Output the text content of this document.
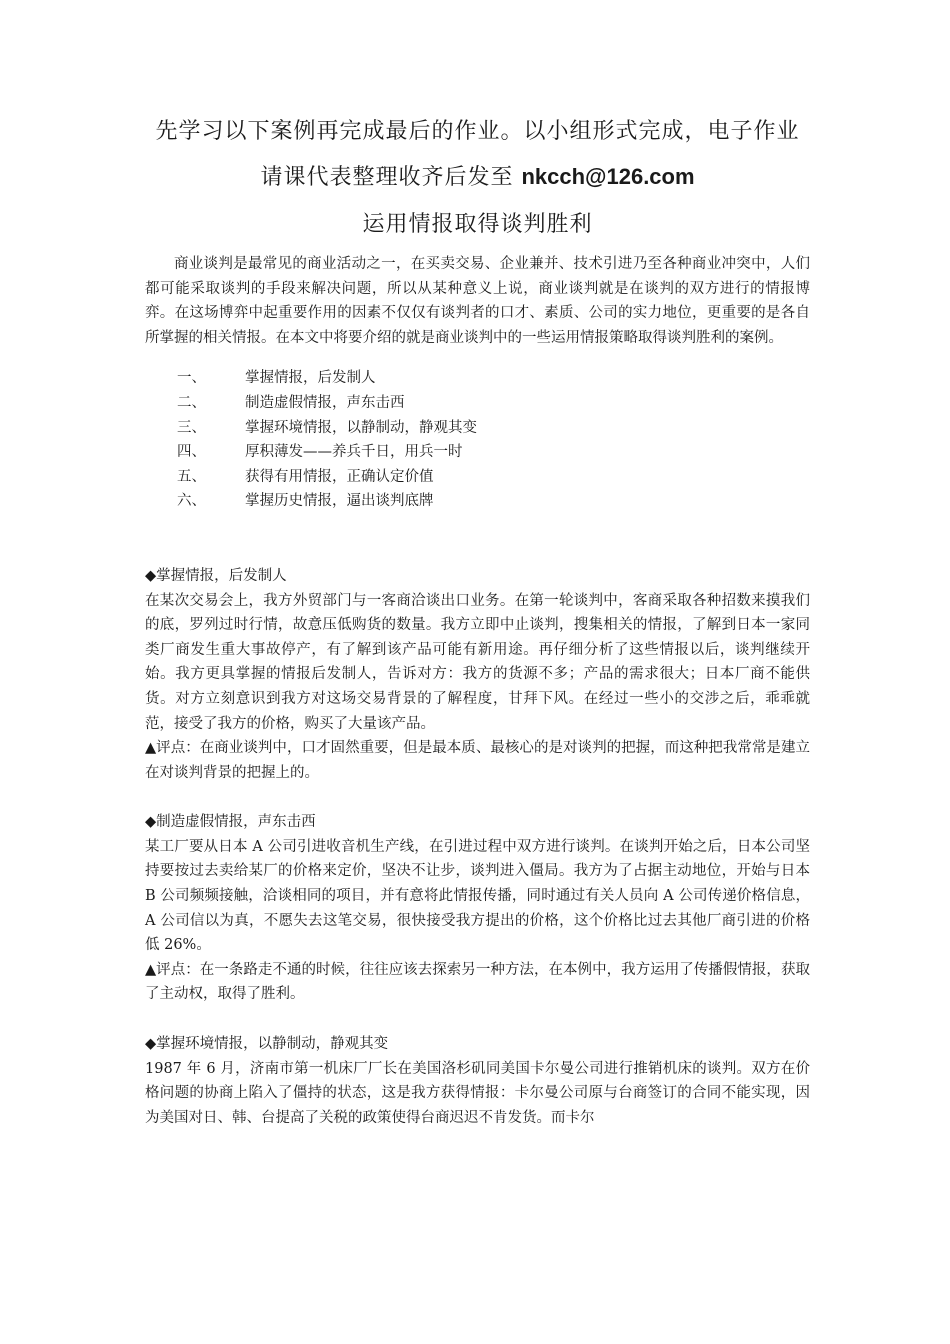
先学习以下案例再完成最后的作业。以小组形式完成，电子作业
请课代表整理收齐后发至 nkcch@126.com
运用情报取得谈判胜利
商业谈判是最常见的商业活动之一，在买卖交易、企业兼并、技术引进乃至各种商业冲突中，人们都可能采取谈判的手段来解决问题，所以从某种意义上说，商业谈判就是在谈判的双方进行的情报博弈。在这场博弈中起重要作用的因素不仅仅有谈判者的口才、素质、公司的实力地位，更重要的是各自所掌握的相关情报。在本文中将要介绍的就是商业谈判中的一些运用情报策略取得谈判胜利的案例。
一、	掌握情报，后发制人
二、	制造虚假情报，声东击西
三、	掌握环境情报，以静制动，静观其变
四、	厚积薄发——养兵千日，用兵一时
五、	获得有用情报，正确认定价值
六、	掌握历史情报，逼出谈判底牌
◆掌握情报，后发制人
在某次交易会上，我方外贸部门与一客商洽谈出口业务。在第一轮谈判中，客商采取各种招数来摸我们的底，罗列过时行情，故意压低购货的数量。我方立即中止谈判，搜集相关的情报，了解到日本一家同类厂商发生重大事故停产，有了解到该产品可能有新用途。再仔细分析了这些情报以后，谈判继续开始。我方更具掌握的情报后发制人，告诉对方：我方的货源不多；产品的需求很大；日本厂商不能供货。对方立刻意识到我方对这场交易背景的了解程度，甘拜下风。在经过一些小的交涉之后，乖乖就范，接受了我方的价格，购买了大量该产品。
▲评点：在商业谈判中，口才固然重要，但是最本质、最核心的是对谈判的把握，而这种把我常常是建立在对谈判背景的把握上的。
◆制造虚假情报，声东击西
某工厂要从日本 A 公司引进收音机生产线，在引进过程中双方进行谈判。在谈判开始之后，日本公司坚持要按过去卖给某厂的价格来定价，坚决不让步，谈判进入僵局。我方为了占据主动地位，开始与日本 B 公司频频接触，洽谈相同的项目，并有意将此情报传播，同时通过有关人员向 A 公司传递价格信息，A 公司信以为真，不愿失去这笔交易，很快接受我方提出的价格，这个价格比过去其他厂商引进的价格低 26%。
▲评点：在一条路走不通的时候，往往应该去探索另一种方法，在本例中，我方运用了传播假情报，获取了主动权，取得了胜利。
◆掌握环境情报，以静制动，静观其变
1987 年 6 月，济南市第一机床厂厂长在美国洛杉矶同美国卡尔曼公司进行推销机床的谈判。双方在价格问题的协商上陷入了僵持的状态，这是我方获得情报：卡尔曼公司原与台商签订的合同不能实现，因为美国对日、韩、台提高了关税的政策使得台商迟迟不肯发货。而卡尔
